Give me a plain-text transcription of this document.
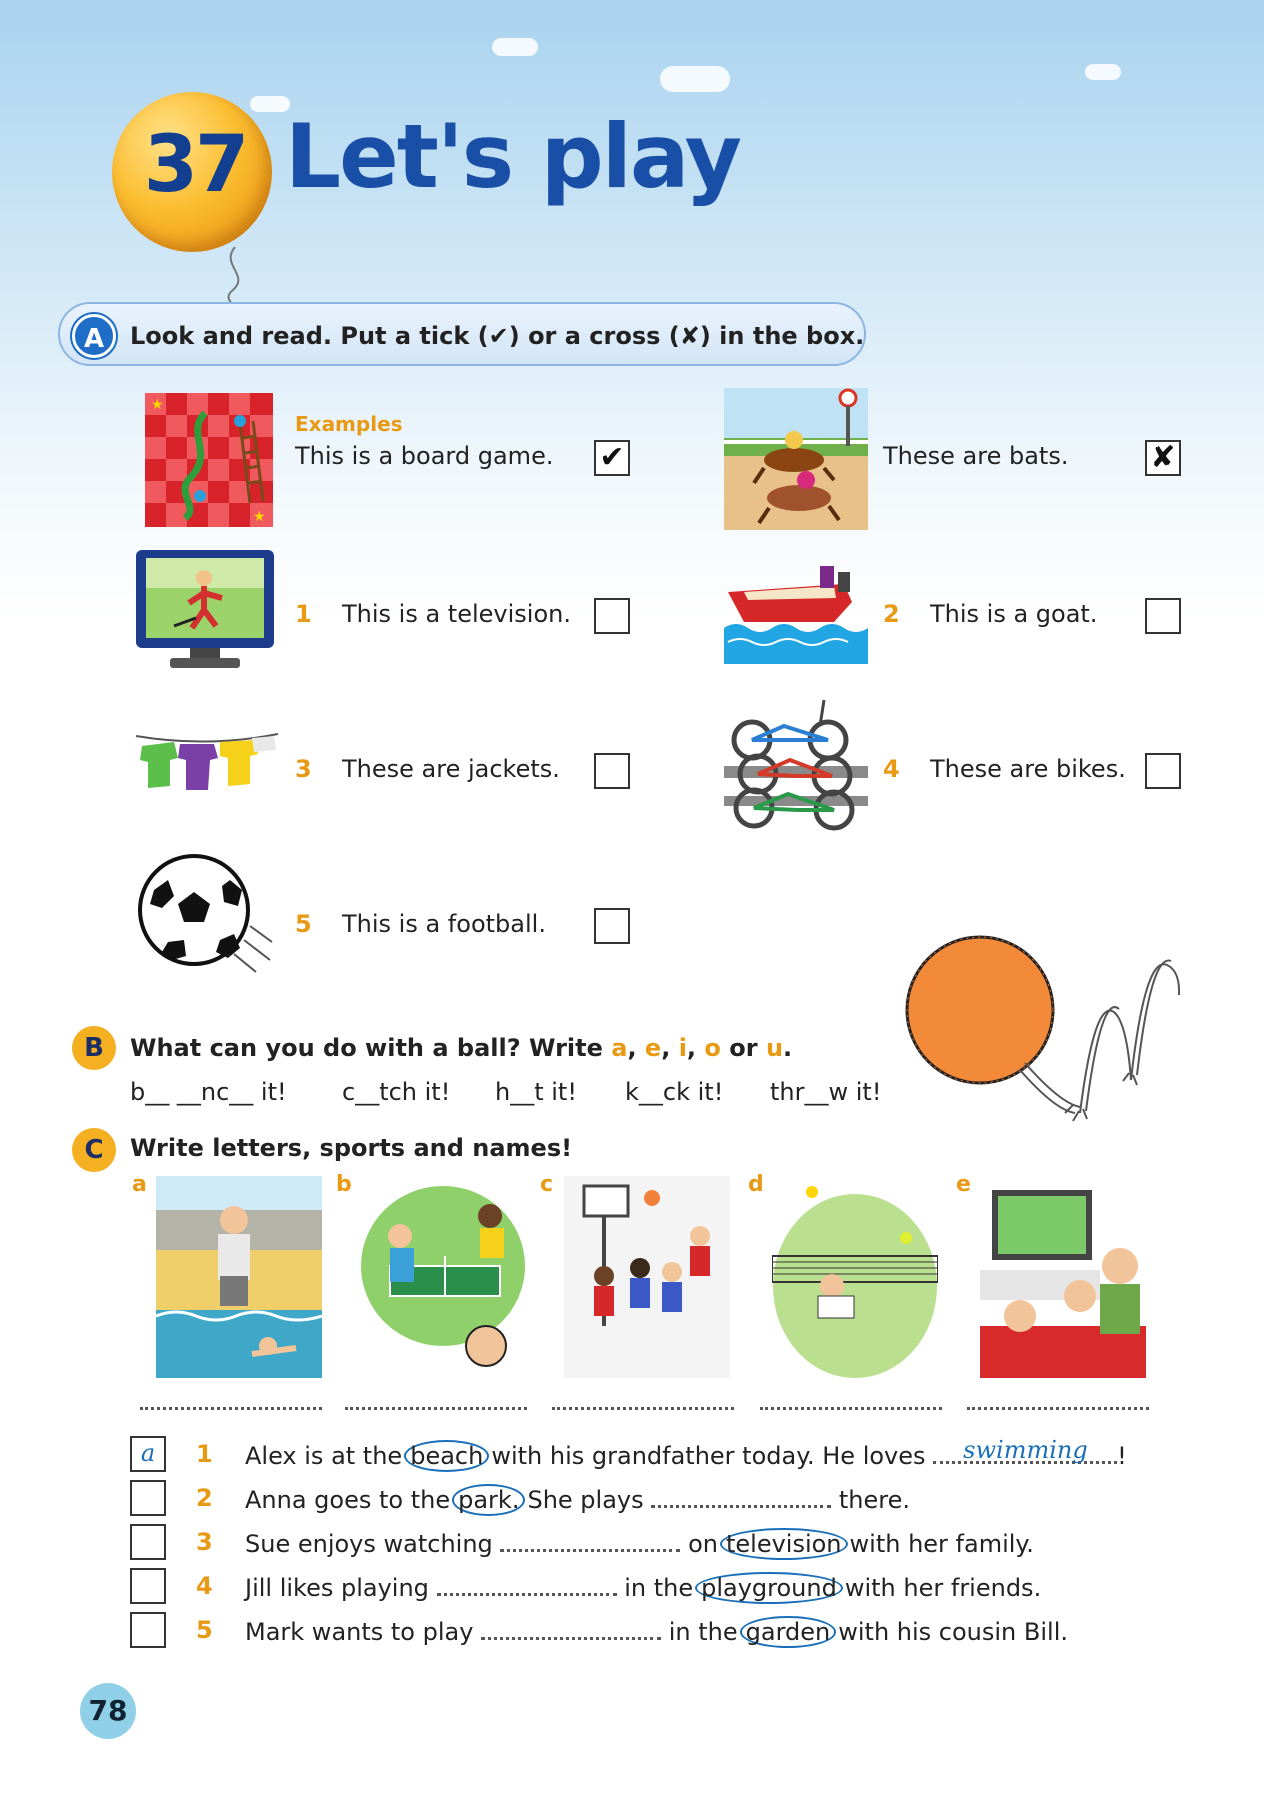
37 Let's play
A	Look and read. Put a tick (✔) or a cross (✘) in the box.
★
★
Examples
This is a board game. ✔	These are bats.	✘
1 This is a television.	2 This is a goat.
3 These are jackets.	4 These are bikes.
5 This is a football.
B	What can you do with a ball? Write a, e, i, o or u.
b__ __nc__ it! c__tch it! h__t it! k__ck it! thr__w it!
C	Write letters, sports and names!
a	b	c	d	e
a	1 Alex is at the beach with his grandfather today. He loves swimming !
2 Anna goes to the park. She plays	there.
3 Sue enjoys watching	on television with her family.
4 Jill likes playing	in the playground with her friends.
5 Mark wants to play	in the garden with his cousin Bill.
78
